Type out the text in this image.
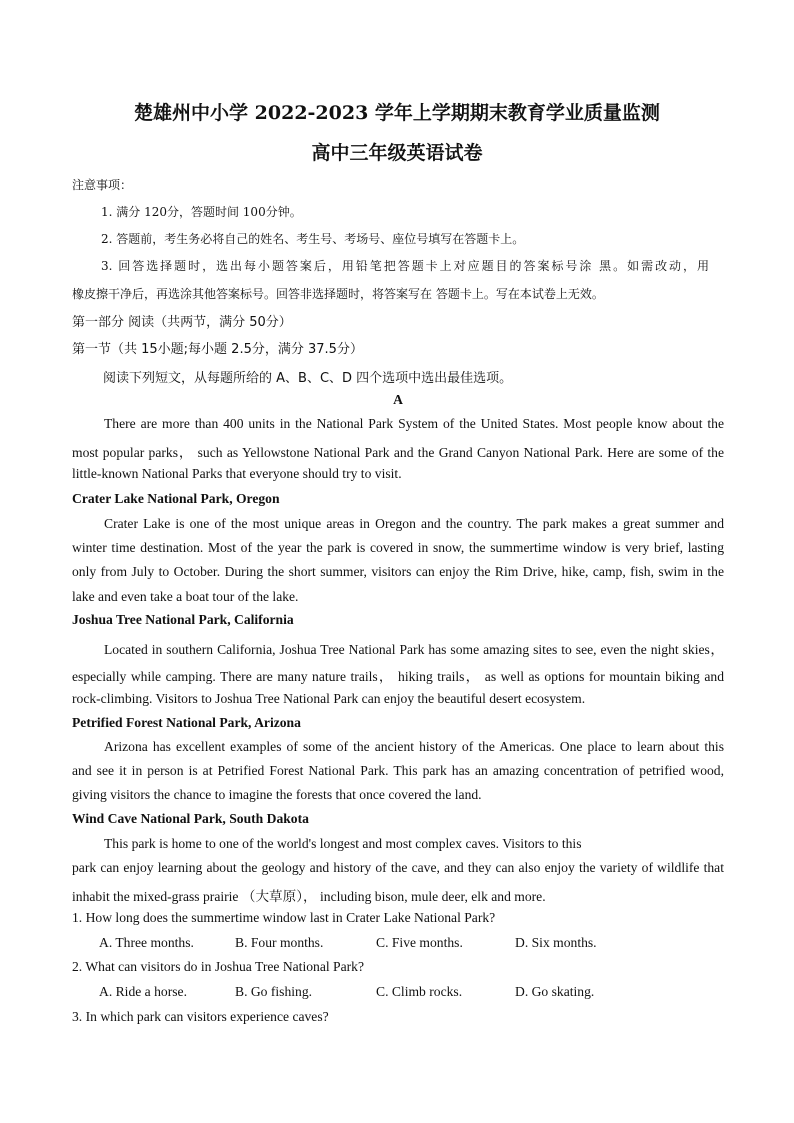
楚雄州中小学 2022-2023 学年上学期期末教育学业质量监测
高中三年级英语试卷

注意事项：

1. 满分 120分，答题时间 100分钟。

2. 答题前，考生务必将自己的姓名、考生号、考场号、座位号填写在答题卡上。

3. 回答选择题时，选出每小题答案后，用铅笔把答题卡上对应题目的答案标号涂 黑。如需改动，用

橡皮擦干净后，再选涂其他答案标号。回答非选择题时，将答案写在 答题卡上。写在本试卷上无效。

第一部分 阅读（共两节，满分 50分）

第一节（共 15小题;每小题 2.5分，满分 37.5分）

阅读下列短文，从每题所给的 A、B、C、D 四个选项中选出最佳选项。

A

There are more than 400 units in the National Park System of the United States. Most people know about the

most popular parks， such as Yellowstone National Park and the Grand Canyon National Park. Here are some of the

little-known National Parks that everyone should try to visit.

Crater Lake National Park, Oregon

Crater Lake is one of the most unique areas in Oregon and the country. The park makes a great summer and

winter time destination. Most of the year the park is covered in snow, the summertime window is very brief, lasting

only from July to October. During the short summer, visitors can enjoy the Rim Drive, hike, camp, fish, swim in the

lake and even take a boat tour of the lake.

Joshua Tree National Park, California

Located in southern California, Joshua Tree National Park has some amazing sites to see, even the night skies，

especially while camping. There are many nature trails， hiking trails， as well as options for mountain biking and

rock-climbing. Visitors to Joshua Tree National Park can enjoy the beautiful desert ecosystem.

Petrified Forest National Park, Arizona

Arizona has excellent examples of some of the ancient history of the Americas. One place to learn about this

and see it in person is at Petrified Forest National Park. This park has an amazing concentration of petrified wood,

giving visitors the chance to imagine the forests that once covered the land.

Wind Cave National Park, South Dakota

This park is home to one of the world's longest and most complex caves. Visitors to this

park can enjoy learning about the geology and history of the cave, and they can also enjoy the variety of wildlife that

inhabit the mixed-grass prairie （大草原）， including bison, mule deer, elk and more.

1. How long does the summertime window last in Crater Lake National Park?

A. Three months.	B. Four months.	C. Five months.	D. Six months.

2. What can visitors do in Joshua Tree National Park?

A. Ride a horse.	B. Go fishing.	C. Climb rocks.	D. Go skating.

3. In which park can visitors experience caves?
